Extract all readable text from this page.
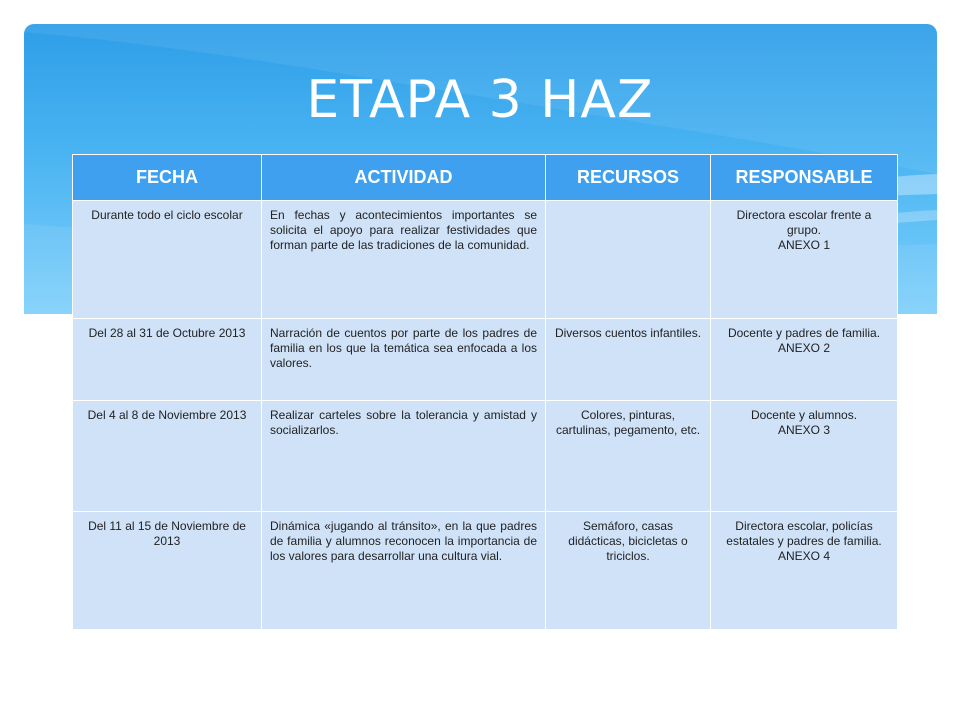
ETAPA 3 HAZ
FECHA	ACTIVIDAD	RECURSOS	RESPONSABLE
Durante todo el ciclo escolar	En fechas y acontecimientos importantes se solicita el apoyo para realizar festividades que forman parte de las tradiciones de la comunidad.		Directora escolar frente a grupo.
ANEXO 1

Del 28 al 31 de Octubre 2013	Narración de cuentos por parte de los padres de familia en los que la temática sea enfocada a los valores.	Diversos cuentos infantiles.	Docente y padres de familia.
ANEXO 2

Del 4 al 8 de Noviembre 2013	Realizar carteles sobre la tolerancia y amistad y socializarlos.	Colores, pinturas, cartulinas, pegamento, etc.	Docente y alumnos.
ANEXO 3

Del 11 al 15 de Noviembre de 2013	Dinámica «jugando al tránsito», en la que padres de familia y alumnos reconocen la importancia de los valores para desarrollar una cultura vial.	Semáforo, casas didácticas, bicicletas o triciclos.	Directora escolar, policías estatales y padres de familia.
ANEXO 4
